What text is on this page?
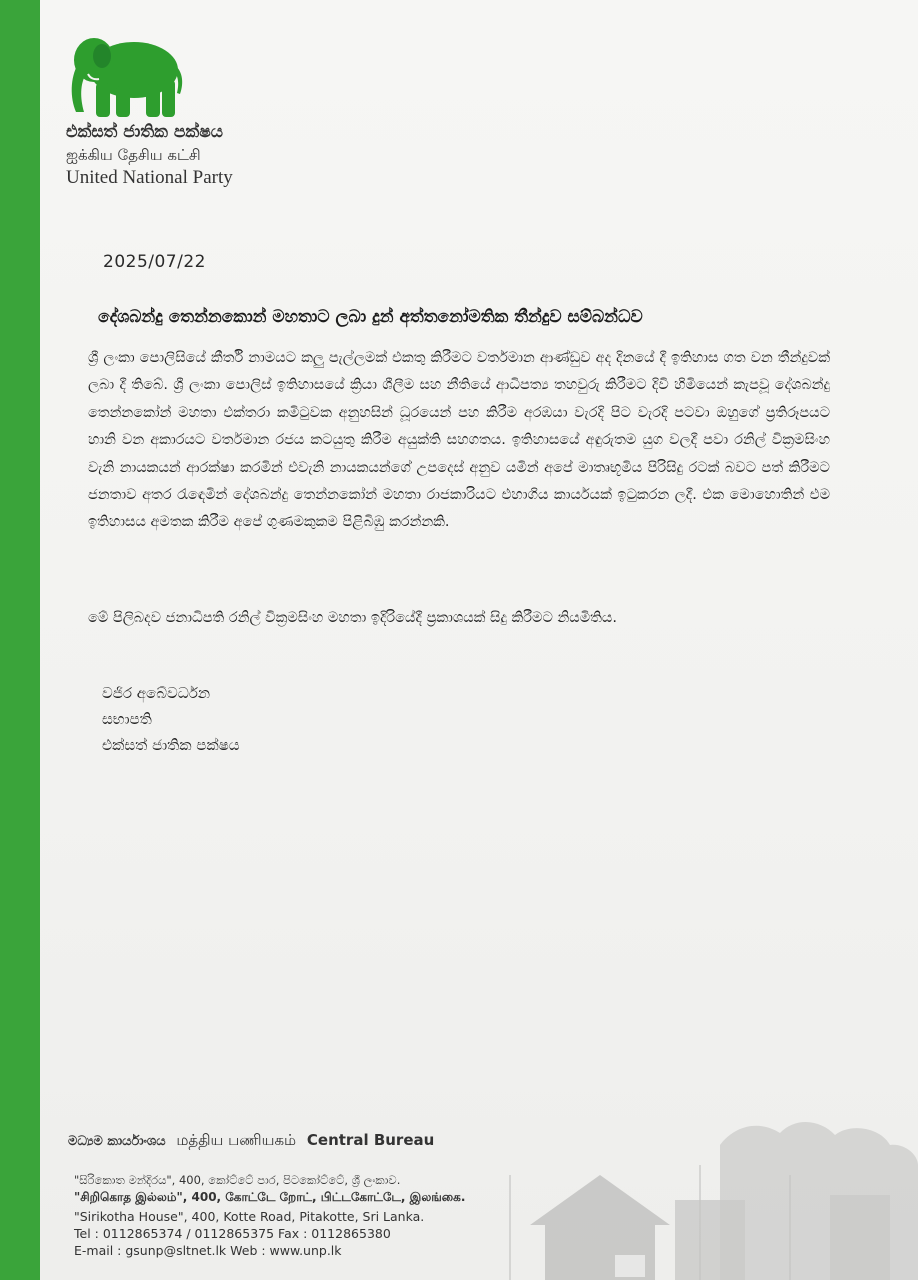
එක්සත් ජාතික පක්ෂය
ஐக்கிய தேசிய கட்சி
United National Party
2025/07/22
දේශබන්දු තෙන්නකොන් මහතාට ලබා දුන් අත්තනෝමතික තීන්දුව සම්බන්ධව
ශ්‍රී ලංකා පොලිසියේ කීර්ති නාමයට කලු පැල්ලමක් එකතු කිරීමට වර්තමාන ආණ්ඩුව අද දිනයේ දී ඉතිහාස ගත වන තීන්දුවක් ලබා දී තිබේ. ශ්‍රී ලංකා පොලිස් ඉතිහාසයේ ක්‍රියා ශීලීම සහ නීතියේ ආධිපත්‍ය තහවුරු කිරීමට දිවි හිමියෙන් කැපවූ දේශබන්දු තෙන්නකෝන් මහතා එක්තරා කමිටුවක අනුහසින් ධූරයෙන් පහ කිරීම අරඹයා වැරදි පිට වැරදි පටවා ඔහුගේ ප්‍රතිරූපයට හානි වන අකාරයට වර්තමාන රජය කටයුතු කිරීම අයුක්ති සහගතය. ඉතිහාසයේ අඳුරුතම යුග වලදී පවා රනිල් වික්‍රමසිංහ වැනි නායකයන් ආරක්ෂා කරමින් එවැනි නායකයන්ගේ උපදෙස් අනුව යමින් අපේ මාතෘභූමිය පිරිසිදු රටක් බවට පත් කිරීමට ජනතාව අතර රැඳෙමින් දේශබන්දු තෙන්නකෝන් මහතා රාජකාරියට එහාගිය කාර්යයක් ඉටුකරන ලදී. එක මොහොතින් එම ඉතිහාසය අමතක කිරීම අපේ ගුණමකුකම පිළිබිඹු කරන්නකි.
මේ පිලිබදව ජනාධිපති රනිල් වික්‍රමසිංහ මහතා ඉදිරියේදී ප්‍රකාශයක් සිදු කිරීමට නියමිතිය.
වජිර අබේවර්ධන
සභාපති
එක්සත් ජාතික පක්ෂය
මධ්‍යම කාර්යාංශය மத்திய பணியகம் Central Bureau
"සිරිකොත මන්දිරය", 400, කෝට්ටේ පාර, පිටකෝට්ටේ, ශ්‍රී ලංකාව.
"சிறிகொத இல்லம்", 400, கோட்டே றோட், பிட்டகோட்டே, இலங்கை.
"Sirikotha House", 400, Kotte Road, Pitakotte, Sri Lanka.
Tel : 0112865374 / 0112865375 Fax : 0112865380
E-mail : gsunp@sltnet.lk Web : www.unp.lk
